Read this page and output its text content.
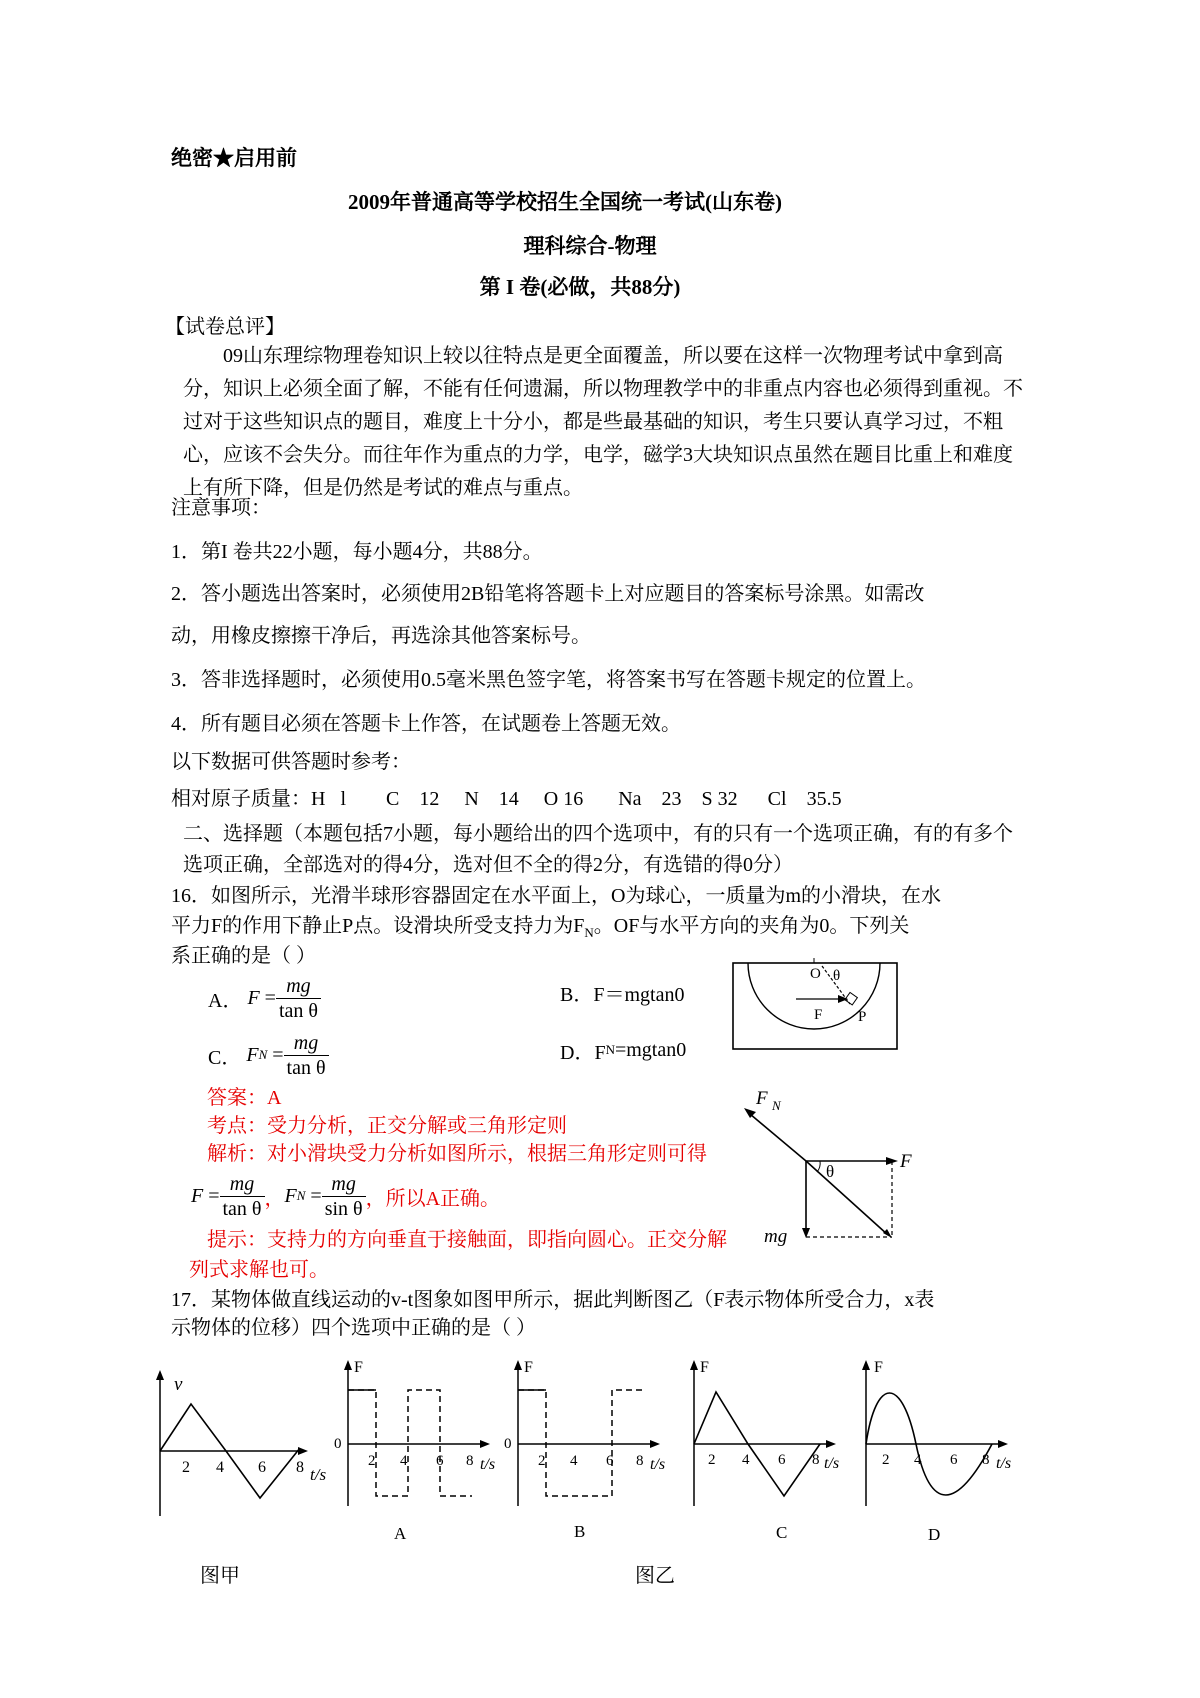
绝密★启用前
2009年普通高等学校招生全国统一考试(山东卷)
理科综合-物理
第 I 卷(必做，共88分)
【试卷总评】

09山东理综物理卷知识上较以往特点是更全面覆盖，所以要在这样一次物理考试中拿到高分，知识上必须全面了解，不能有任何遗漏，所以物理教学中的非重点内容也必须得到重视。不过对于这些知识点的题目，难度上十分小，都是些最基础的知识，考生只要认真学习过，不粗心，应该不会失分。而往年作为重点的力学，电学，磁学3大块知识点虽然在题目比重上和难度上有所下降，但是仍然是考试的难点与重点。

注意事项：
1．第I 卷共22小题，每小题4分，共88分。
2．答小题选出答案时，必须使用2B铅笔将答题卡上对应题目的答案标号涂黑。如需改
动，用橡皮擦擦干净后，再选涂其他答案标号。
3．答非选择题时，必须使用0.5毫米黑色签字笔，将答案书写在答题卡规定的位置上。
4．所有题目必须在答题卡上作答，在试题卷上答题无效。
以下数据可供答题时参考：
相对原子质量：H   l        C    12     N    14     O 16       Na    23    S 32      Cl    35.5

二、选择题（本题包括7小题，每小题给出的四个选项中，有的只有一个选项正确，有的有多个选项正确，全部选对的得4分，选对但不全的得2分，有选错的得0分）

16．如图所示，光滑半球形容器固定在水平面上，O为球心，一质量为m的小滑块，在水
平力F的作用下静止P点。设滑块所受支持力为$F_N$。OF与水平方向的夹角为0。下列关
系正确的是（ ）
A．
F
= $\frac{mg}{\text{tan θ}}$	B．F＝mgtan0
C．
F N
= $\frac{mg}{\text{tan θ}}$	D．F N =mgtan0
O θ
F P
答案：A
考点：受力分析，正交分解或三角形定则
解析：对小滑块受力分析如图所示，根据三角形定则可得
F
= $\frac{mg}{\text{tan θ}}$ ， F N
= $\frac{mg}{\text{sin θ}}$ ，所以A正确。
提示：支持力的方向垂直于接触面，即指向圆心。正交分解
列式求解也可。
F N
F
mg
θ
17．某物体做直线运动的v-t图象如图甲所示，据此判断图乙（F表示物体所受合力，x表
示物体的位移）四个选项中正确的是（ ）
v
2 4 6 8 t/s
F
0
2 4 6 8 t/s
A
F
0
2 4 6 8 t/s
B
F
2 4 6 8 t/s
C
F
2 4 6 8 t/s
D
图甲	图乙
